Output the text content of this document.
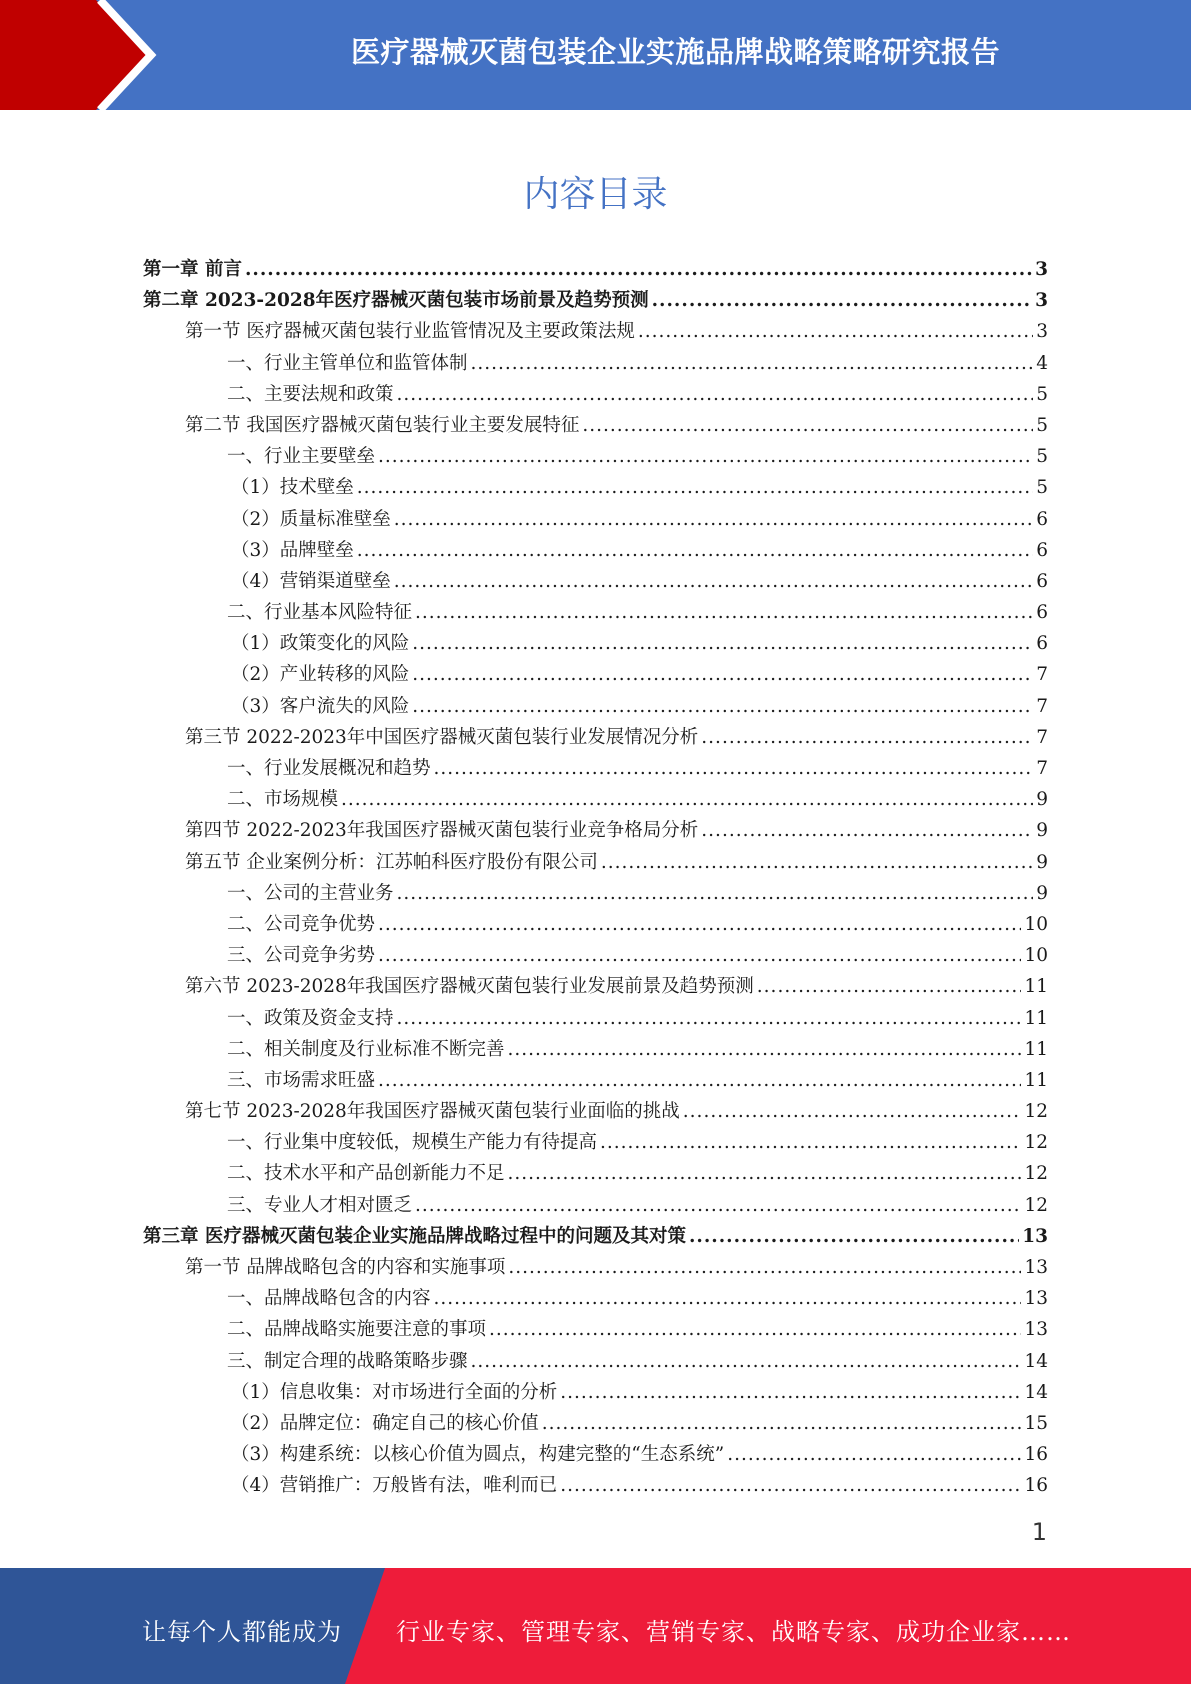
医疗器械灭菌包装企业实施品牌战略策略研究报告
内容目录
第一章 前言 .....	3
第二章 2023-2028年医疗器械灭菌包装市场前景及趋势预测 .....	3
第一节 医疗器械灭菌包装行业监管情况及主要政策法规 .....	3
一、行业主管单位和监管体制 .....	4
二、主要法规和政策 .....	5
第二节 我国医疗器械灭菌包装行业主要发展特征 .....	5
一、行业主要壁垒 .....	5
（1）技术壁垒 .....	5
（2）质量标准壁垒 .....	6
（3）品牌壁垒 .....	6
（4）营销渠道壁垒 .....	6
二、行业基本风险特征 .....	6
（1）政策变化的风险 .....	6
（2）产业转移的风险 .....	7
（3）客户流失的风险 .....	7
第三节 2022-2023年中国医疗器械灭菌包装行业发展情况分析 .....	7
一、行业发展概况和趋势 .....	7
二、市场规模 .....	9
第四节 2022-2023年我国医疗器械灭菌包装行业竞争格局分析 .....	9
第五节 企业案例分析：江苏帕科医疗股份有限公司 .....	9
一、公司的主营业务 .....	9
二、公司竞争优势 .....	10
三、公司竞争劣势 .....	10
第六节 2023-2028年我国医疗器械灭菌包装行业发展前景及趋势预测 .....	11
一、政策及资金支持 .....	11
二、相关制度及行业标准不断完善 .....	11
三、市场需求旺盛 .....	11
第七节 2023-2028年我国医疗器械灭菌包装行业面临的挑战 .....	12
一、行业集中度较低，规模生产能力有待提高 .....	12
二、技术水平和产品创新能力不足 .....	12
三、专业人才相对匮乏 .....	12
第三章 医疗器械灭菌包装企业实施品牌战略过程中的问题及其对策 .....	13
第一节 品牌战略包含的内容和实施事项 .....	13
一、品牌战略包含的内容 .....	13
二、品牌战略实施要注意的事项 .....	13
三、制定合理的战略策略步骤 .....	14
（1）信息收集：对市场进行全面的分析 .....	14
（2）品牌定位：确定自己的核心价值 .....	15
（3）构建系统：以核心价值为圆点，构建完整的“生态系统” .....	16
（4）营销推广：万般皆有法，唯利而已 .....	16
1
让每个人都能成为 行业专家、管理专家、营销专家、战略专家、成功企业家……
